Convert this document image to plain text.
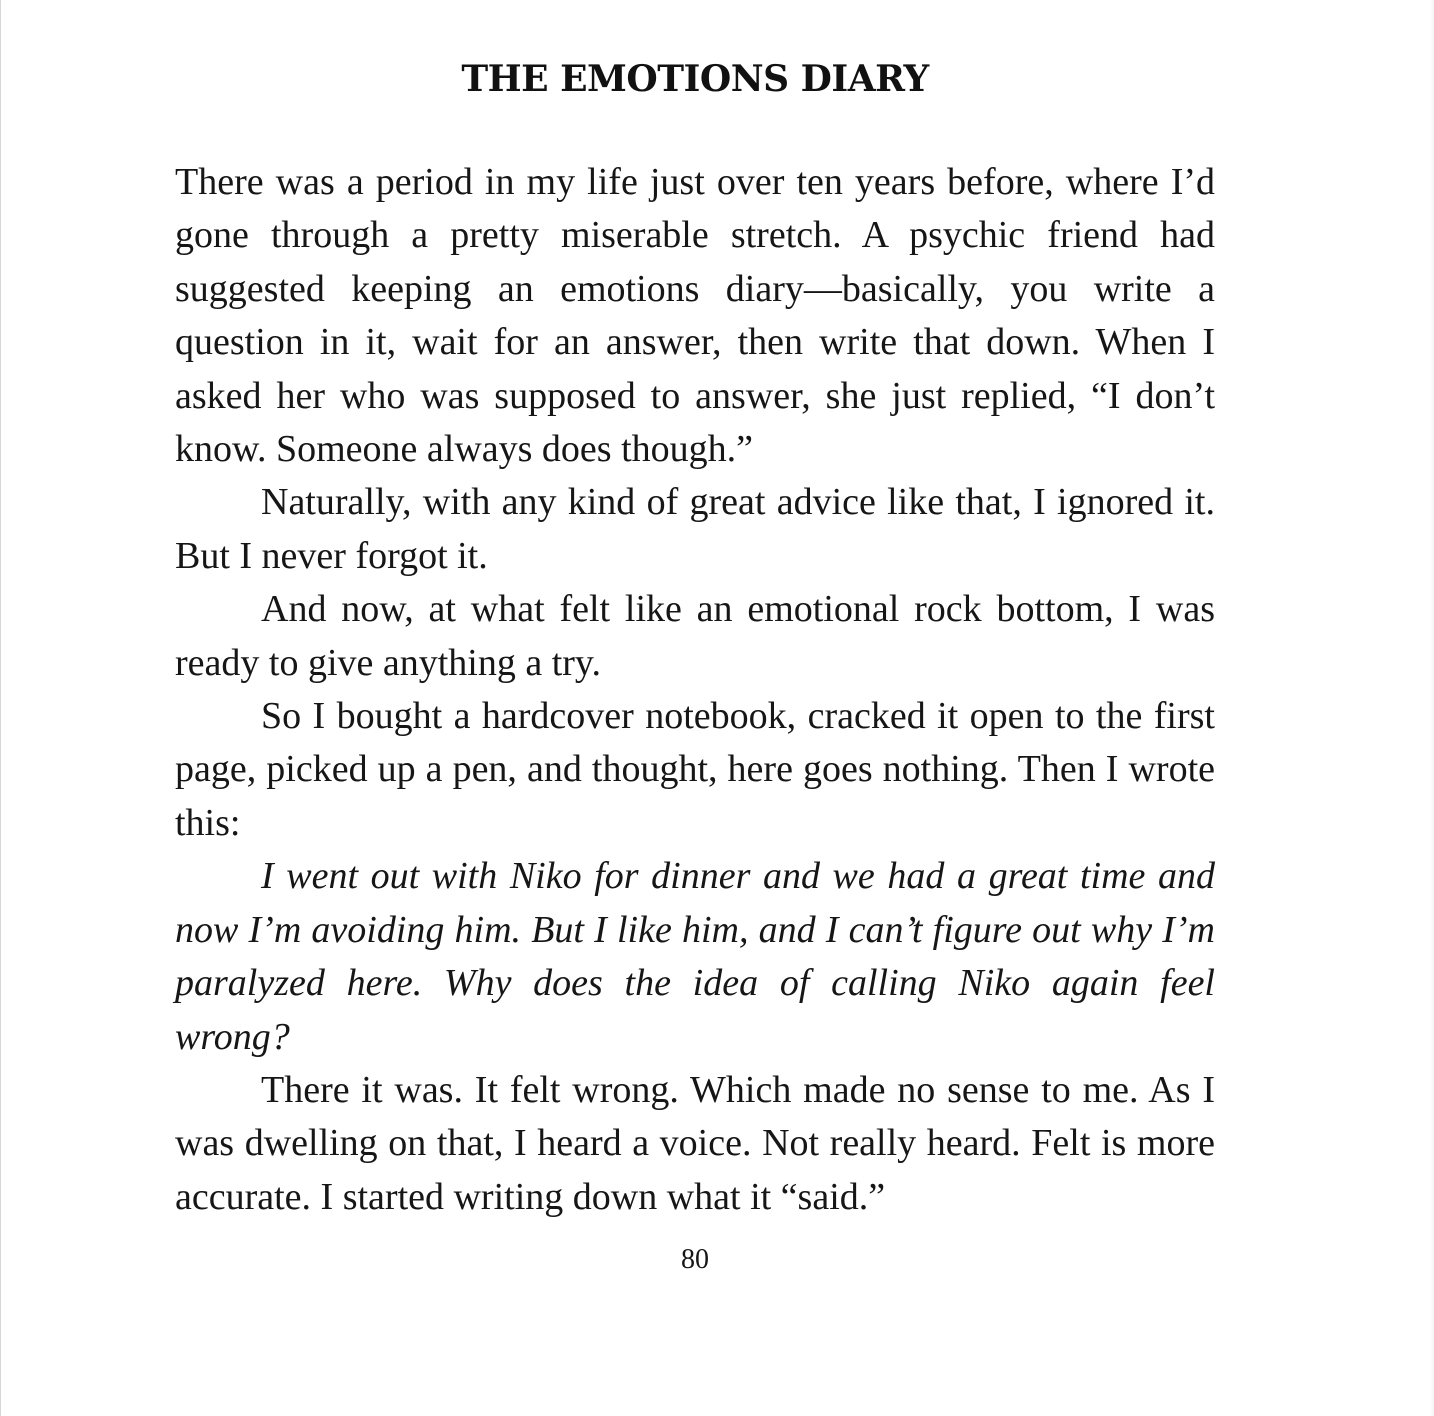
THE EMOTIONS DIARY

There was a period in my life just over ten years before, where I’d gone through a pretty miserable stretch. A psychic friend had suggested keeping an emotions diary—basically, you write a question in it, wait for an answer, then write that down. When I asked her who was supposed to answer, she just replied, “I don’t know. Someone always does though.”

Naturally, with any kind of great advice like that, I ignored it. But I never forgot it.

And now, at what felt like an emotional rock bottom, I was ready to give anything a try.

So I bought a hardcover notebook, cracked it open to the first page, picked up a pen, and thought, here goes nothing. Then I wrote this:

I went out with Niko for dinner and we had a great time and now I’m avoiding him. But I like him, and I can’t figure out why I’m paralyzed here. Why does the idea of calling Niko again feel wrong?

There it was. It felt wrong. Which made no sense to me. As I was dwelling on that, I heard a voice. Not really heard. Felt is more accurate. I started writing down what it “said.”

80
